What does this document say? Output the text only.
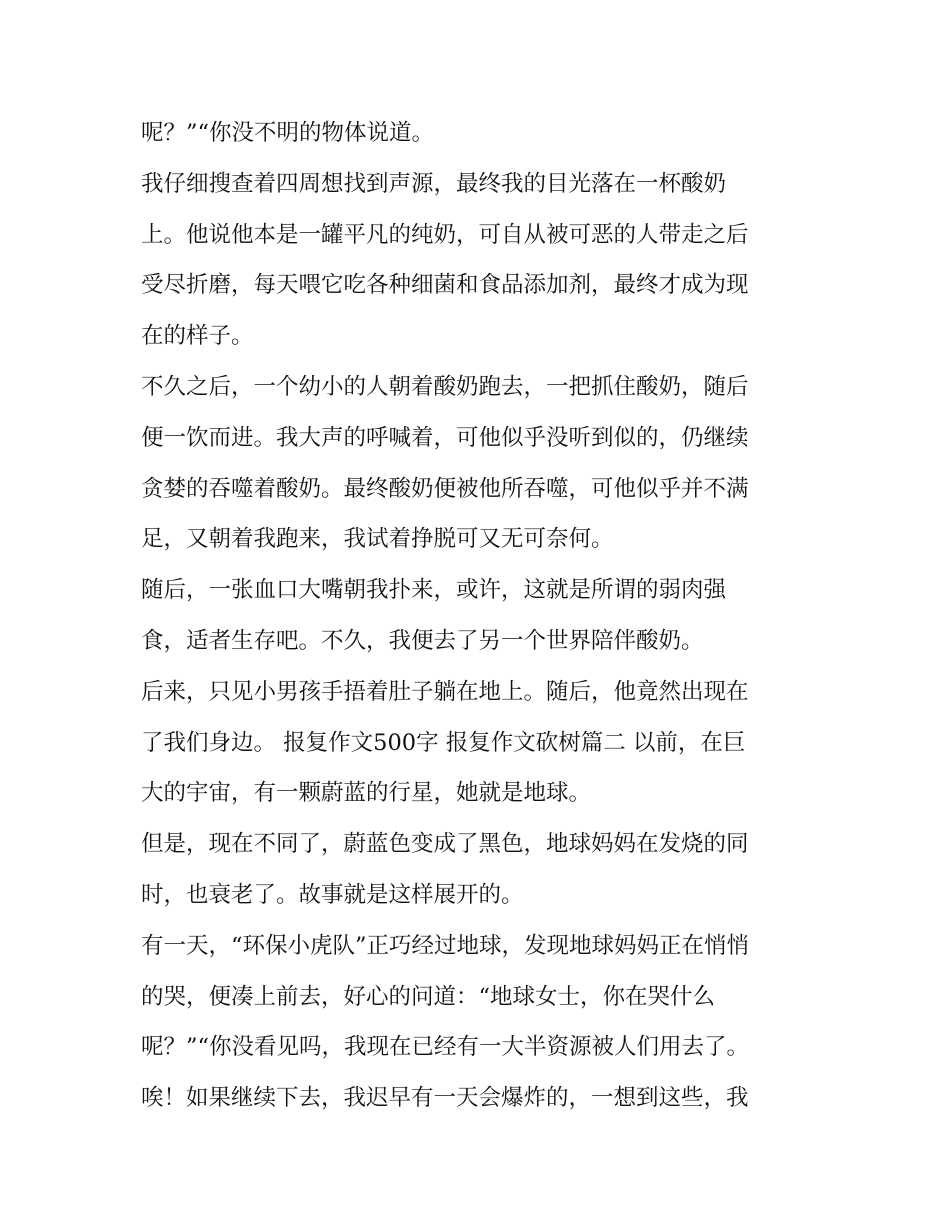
呢？”“你没不明的物体说道。
我仔细搜查着四周想找到声源，最终我的目光落在一杯酸奶
上。他说他本是一罐平凡的纯奶，可自从被可恶的人带走之后
受尽折磨，每天喂它吃各种细菌和食品添加剂，最终才成为现
在的样子。
不久之后，一个幼小的人朝着酸奶跑去，一把抓住酸奶，随后
便一饮而进。我大声的呼喊着，可他似乎没听到似的，仍继续
贪婪的吞噬着酸奶。最终酸奶便被他所吞噬，可他似乎并不满
足，又朝着我跑来，我试着挣脱可又无可奈何。
随后，一张血口大嘴朝我扑来，或许，这就是所谓的弱肉强
食，适者生存吧。不久，我便去了另一个世界陪伴酸奶。
后来，只见小男孩手捂着肚子躺在地上。随后，他竟然出现在
了我们身边。 报复作文500字 报复作文砍树篇二 以前，在巨
大的宇宙，有一颗蔚蓝的行星，她就是地球。
但是，现在不同了，蔚蓝色变成了黑色，地球妈妈在发烧的同
时，也衰老了。故事就是这样展开的。
有一天，“环保小虎队”正巧经过地球，发现地球妈妈正在悄悄
的哭，便凑上前去，好心的问道：“地球女士，你在哭什么
呢？”“你没看见吗，我现在已经有一大半资源被人们用去了。
唉！如果继续下去，我迟早有一天会爆炸的，一想到这些，我
